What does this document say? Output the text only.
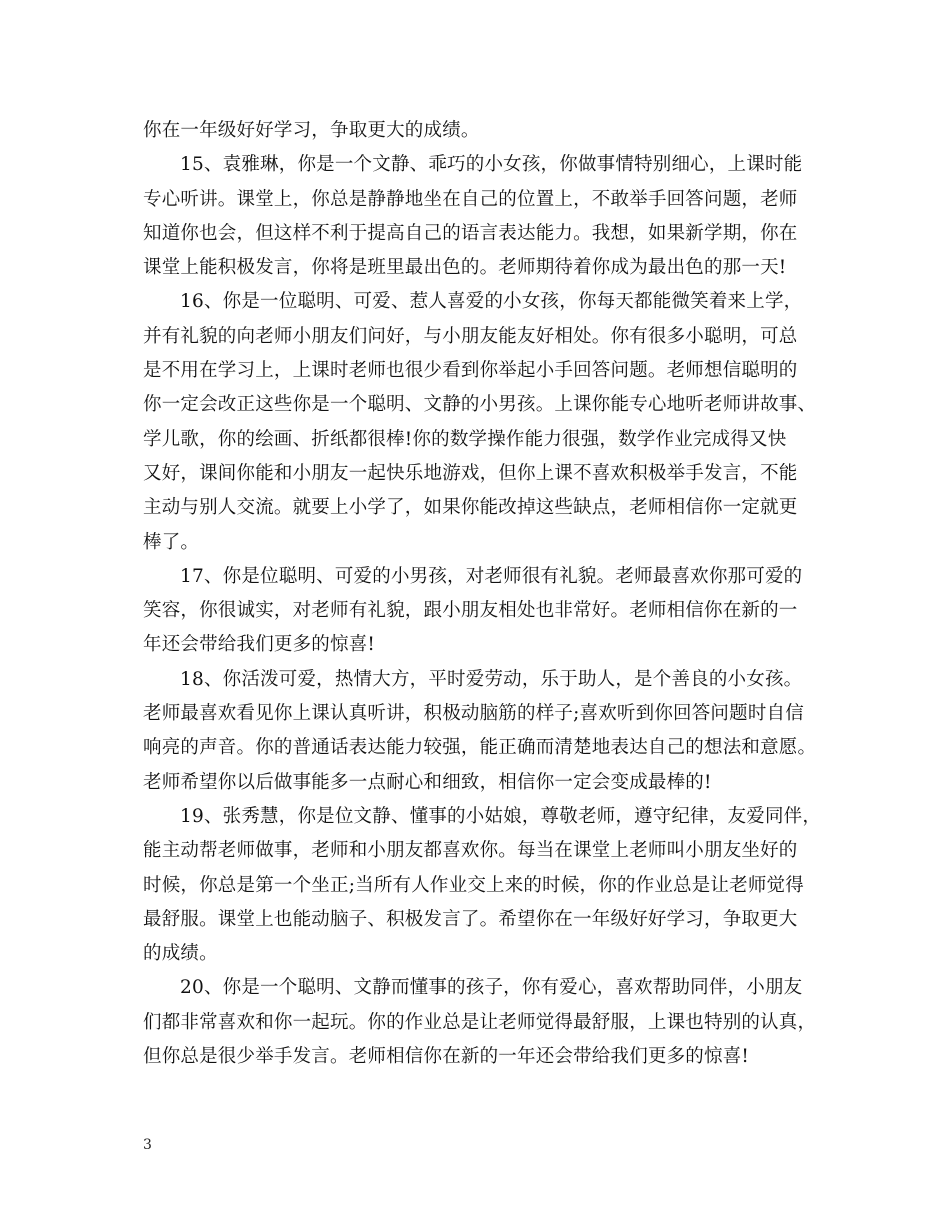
你在一年级好好学习，争取更大的成绩。
15、袁雅琳，你是一个文静、乖巧的小女孩，你做事情特别细心，上课时能
专心听讲。课堂上，你总是静静地坐在自己的位置上，不敢举手回答问题，老师
知道你也会，但这样不利于提高自己的语言表达能力。我想，如果新学期，你在
课堂上能积极发言，你将是班里最出色的。老师期待着你成为最出色的那一天!
16、你是一位聪明、可爱、惹人喜爱的小女孩，你每天都能微笑着来上学，
并有礼貌的向老师小朋友们问好，与小朋友能友好相处。你有很多小聪明，可总
是不用在学习上，上课时老师也很少看到你举起小手回答问题。老师想信聪明的
你一定会改正这些你是一个聪明、文静的小男孩。上课你能专心地听老师讲故事、
学儿歌，你的绘画、折纸都很棒!你的数学操作能力很强，数学作业完成得又快
又好，课间你能和小朋友一起快乐地游戏，但你上课不喜欢积极举手发言，不能
主动与别人交流。就要上小学了，如果你能改掉这些缺点，老师相信你一定就更
棒了。
17、你是位聪明、可爱的小男孩，对老师很有礼貌。老师最喜欢你那可爱的
笑容，你很诚实，对老师有礼貌，跟小朋友相处也非常好。老师相信你在新的一
年还会带给我们更多的惊喜!
18、你活泼可爱，热情大方，平时爱劳动，乐于助人，是个善良的小女孩。
老师最喜欢看见你上课认真听讲，积极动脑筋的样子;喜欢听到你回答问题时自信
响亮的声音。你的普通话表达能力较强，能正确而清楚地表达自己的想法和意愿。
老师希望你以后做事能多一点耐心和细致，相信你一定会变成最棒的!
19、张秀慧，你是位文静、懂事的小姑娘，尊敬老师，遵守纪律，友爱同伴，
能主动帮老师做事，老师和小朋友都喜欢你。每当在课堂上老师叫小朋友坐好的
时候，你总是第一个坐正;当所有人作业交上来的时候，你的作业总是让老师觉得
最舒服。课堂上也能动脑子、积极发言了。希望你在一年级好好学习，争取更大
的成绩。
20、你是一个聪明、文静而懂事的孩子，你有爱心，喜欢帮助同伴，小朋友
们都非常喜欢和你一起玩。你的作业总是让老师觉得最舒服，上课也特别的认真，
但你总是很少举手发言。老师相信你在新的一年还会带给我们更多的惊喜!
3
